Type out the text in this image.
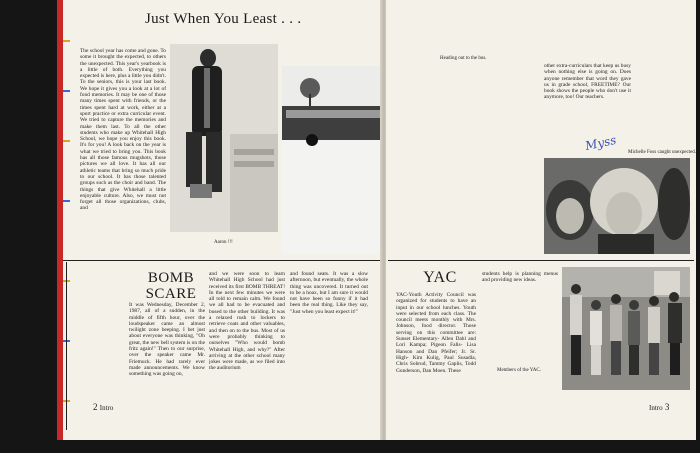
Just When You Least . . .
The school year has come and gone. To some it brought the expected, to others the unexpected. This year's yearbook is a little of both. Everything you expected is here, plus a little you didn't. To the seniors, this is your last book. We hope it gives you a look at a lot of fond memories. It may be one of those many times spent with friends, or the times spent hard at work, either at a sport practice or extra curricular event. We tried to capture the memories and make them last. To all the other students who make up Whitehall High School, we hope you enjoy this book. It's for you! A look back on the year is what we tried to bring you. This book has all those famous mugshots, those pictures we all love. It has all our athletic teams that bring so much pride to our school. It has those talented groups such as the choir and band. The things that give Whitehall a little enjoyable culture. Also, we must not forget all those organizations, clubs, and
Aaron !!!
BOMB SCARE
It was Wednesday, December 2, 1987, all of a sudden, in the middle of fifth hour, over the loudspeaker came an almost twilight zone beeping. I bet just about everyone was thinking, "Oh great, the new bell system is on the fritz again!" Then to our surprise, over the speaker came Mr. Friemuck. He had rarely ever made announcements. We know something was going on,
and we were soon to learn Whitehall High School had just received its first BOMB THREAT! In the next few minutes we were all told to remain calm. We found we all had to be evacuated and bused to the other building. It was a relaxed rush to lockers to retrieve coats and other valuables, and then on to the bus. Most of us were probably thinking to ourselves "Who would bomb Whitehall High, and why?" After arriving at the other school many jokes were made, as we filed into the auditorium
and found seats. It was a slow afternoon, but eventually, the whole thing was uncovered. It turned out to be a hoax, but I am sure it would not have been so funny if it had been the real thing. Like they say, "Just when you least expect it!"
2 Intro
Heading out to the bus.
other extra-curriculars that keep us busy when nothing else is going on. Does anyone remember that word they gave us in grade school, FREETIME? Our book shows the people who don't use it anymore, too! Our teachers.
Myss Michelle Foss caught unexpected.
YAC
YAC-Youth Activity Council was organized for students to have an input in our school lunches. Youth were selected from each class. The council meets monthly with Mrs. Johnson, food director. Those serving on this committee are: Sunset Elementary- Allen Dahl and Lori Kampa; Pigeon Falls- Lisa Hanson and Dan Pfeifer; Jr. Sr. High- Kim Kulig, Paul Susadla, Chris Sobrud, Tammy Gaplis, Todd Gunderson, Dan Moen. These
students help is planning menus and providing new ideas.
Members of the YAC.
Intro 3
